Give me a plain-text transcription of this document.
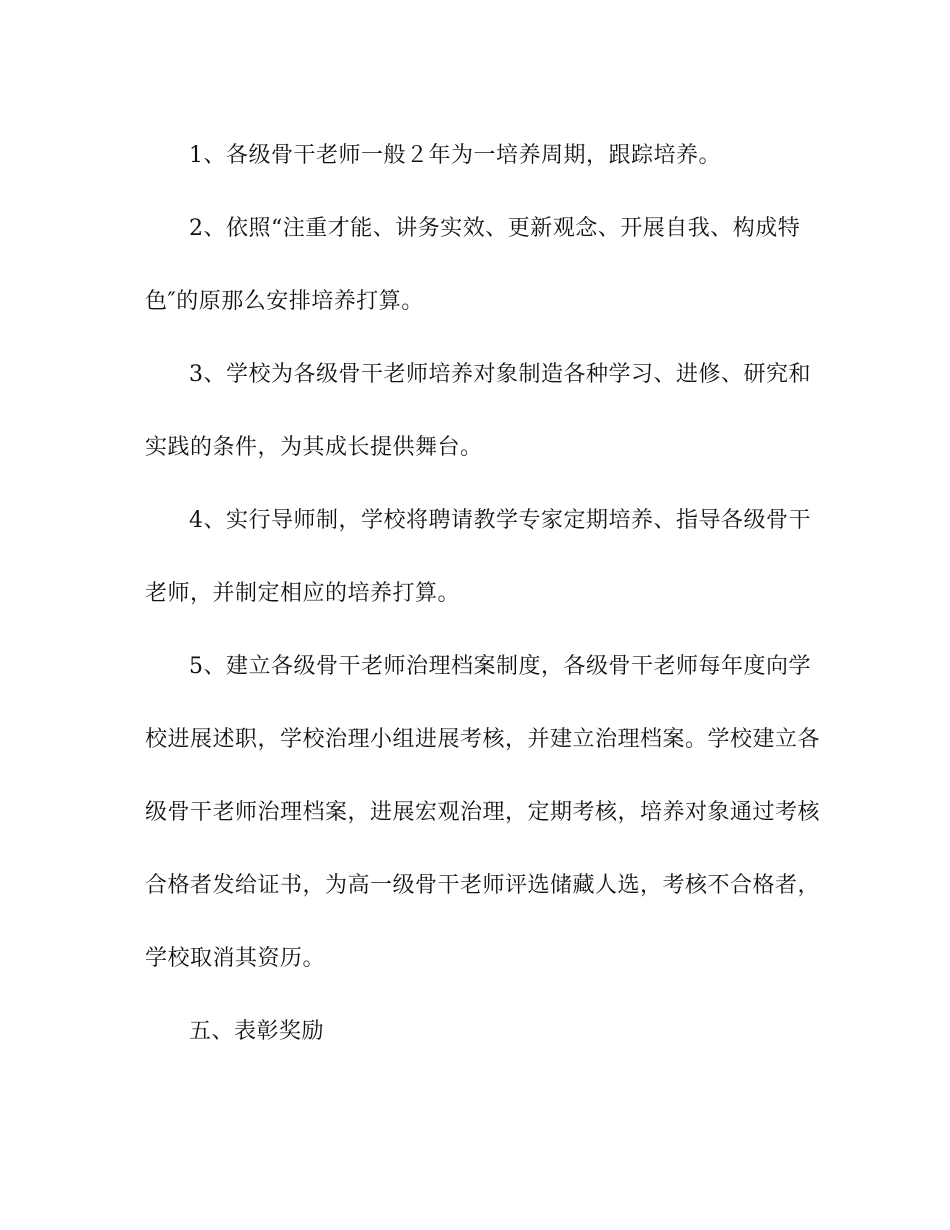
1、各级骨干老师一般２年为一培养周期，跟踪培养。
2、依照“注重才能、讲务实效、更新观念、开展自我、构成特
色″的原那么安排培养打算。
3、学校为各级骨干老师培养对象制造各种学习、进修、研究和
实践的条件，为其成长提供舞台。
4、实行导师制，学校将聘请教学专家定期培养、指导各级骨干
老师，并制定相应的培养打算。
5、建立各级骨干老师治理档案制度，各级骨干老师每年度向学
校进展述职，学校治理小组进展考核，并建立治理档案。学校建立各
级骨干老师治理档案，进展宏观治理，定期考核，培养对象通过考核
合格者发给证书，为高一级骨干老师评选储藏人选，考核不合格者，
学校取消其资历。
五、表彰奖励
